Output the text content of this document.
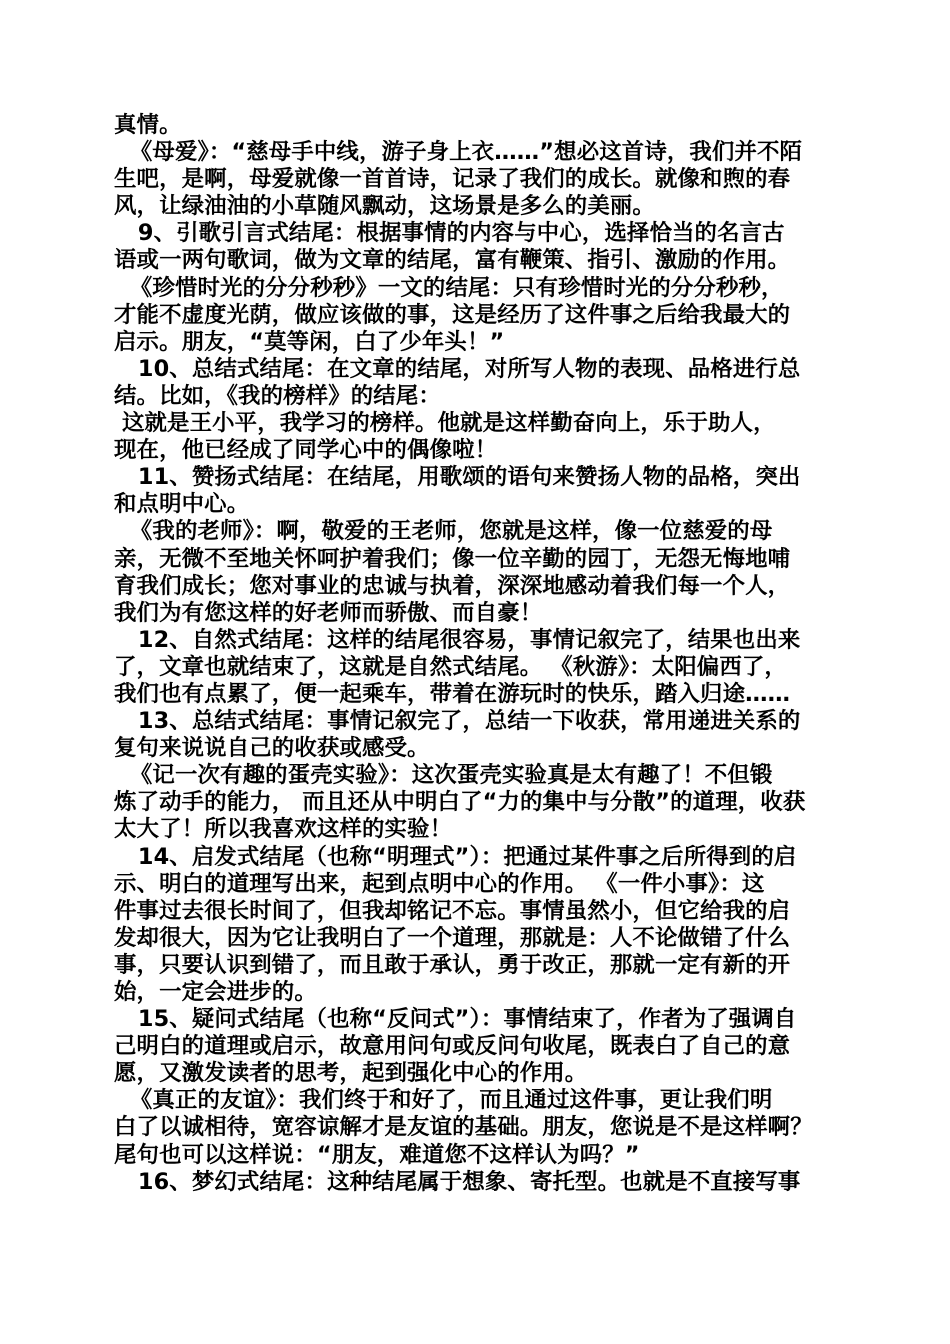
真情。
《母爱》：“慈母手中线，游子身上衣……”想必这首诗，我们并不陌
生吧，是啊，母爱就像一首首诗，记录了我们的成长。就像和煦的春
风，让绿油油的小草随风飘动，这场景是多么的美丽。
9、引歌引言式结尾：根据事情的内容与中心，选择恰当的名言古
语或一两句歌词，做为文章的结尾，富有鞭策、指引、激励的作用。
《珍惜时光的分分秒秒》一文的结尾：只有珍惜时光的分分秒秒，
才能不虚度光荫，做应该做的事，这是经历了这件事之后给我最大的
启示。朋友，“莫等闲，白了少年头！”
10、总结式结尾：在文章的结尾，对所写人物的表现、品格进行总
结。比如，《我的榜样》的结尾：
这就是王小平，我学习的榜样。他就是这样勤奋向上，乐于助人，
现在，他已经成了同学心中的偶像啦！
11、赞扬式结尾：在结尾，用歌颂的语句来赞扬人物的品格，突出
和点明中心。
《我的老师》：啊，敬爱的王老师，您就是这样，像一位慈爱的母
亲，无微不至地关怀呵护着我们；像一位辛勤的园丁，无怨无悔地哺
育我们成长；您对事业的忠诚与执着，深深地感动着我们每一个人，
我们为有您这样的好老师而骄傲、而自豪！
12、自然式结尾：这样的结尾很容易，事情记叙完了，结果也出来
了，文章也就结束了，这就是自然式结尾。 《秋游》：太阳偏西了，
我们也有点累了，便一起乘车，带着在游玩时的快乐，踏入归途……
13、总结式结尾：事情记叙完了，总结一下收获，常用递进关系的
复句来说说自己的收获或感受。
《记一次有趣的蛋壳实验》：这次蛋壳实验真是太有趣了！不但锻
炼了动手的能力， 而且还从中明白了“力的集中与分散”的道理，收获
太大了！所以我喜欢这样的实验！
14、启发式结尾（也称“明理式”）：把通过某件事之后所得到的启
示、明白的道理写出来，起到点明中心的作用。 《一件小事》：这
件事过去很长时间了，但我却铭记不忘。事情虽然小，但它给我的启
发却很大，因为它让我明白了一个道理，那就是：人不论做错了什么
事，只要认识到错了，而且敢于承认，勇于改正，那就一定有新的开
始，一定会进步的。
15、疑问式结尾（也称“反问式”）：事情结束了，作者为了强调自
己明白的道理或启示，故意用问句或反问句收尾，既表白了自己的意
愿，又激发读者的思考，起到强化中心的作用。
《真正的友谊》：我们终于和好了，而且通过这件事，更让我们明
白了以诚相待，宽容谅解才是友谊的基础。朋友，您说是不是这样啊？
尾句也可以这样说：“朋友，难道您不这样认为吗？”
16、梦幻式结尾：这种结尾属于想象、寄托型。也就是不直接写事
